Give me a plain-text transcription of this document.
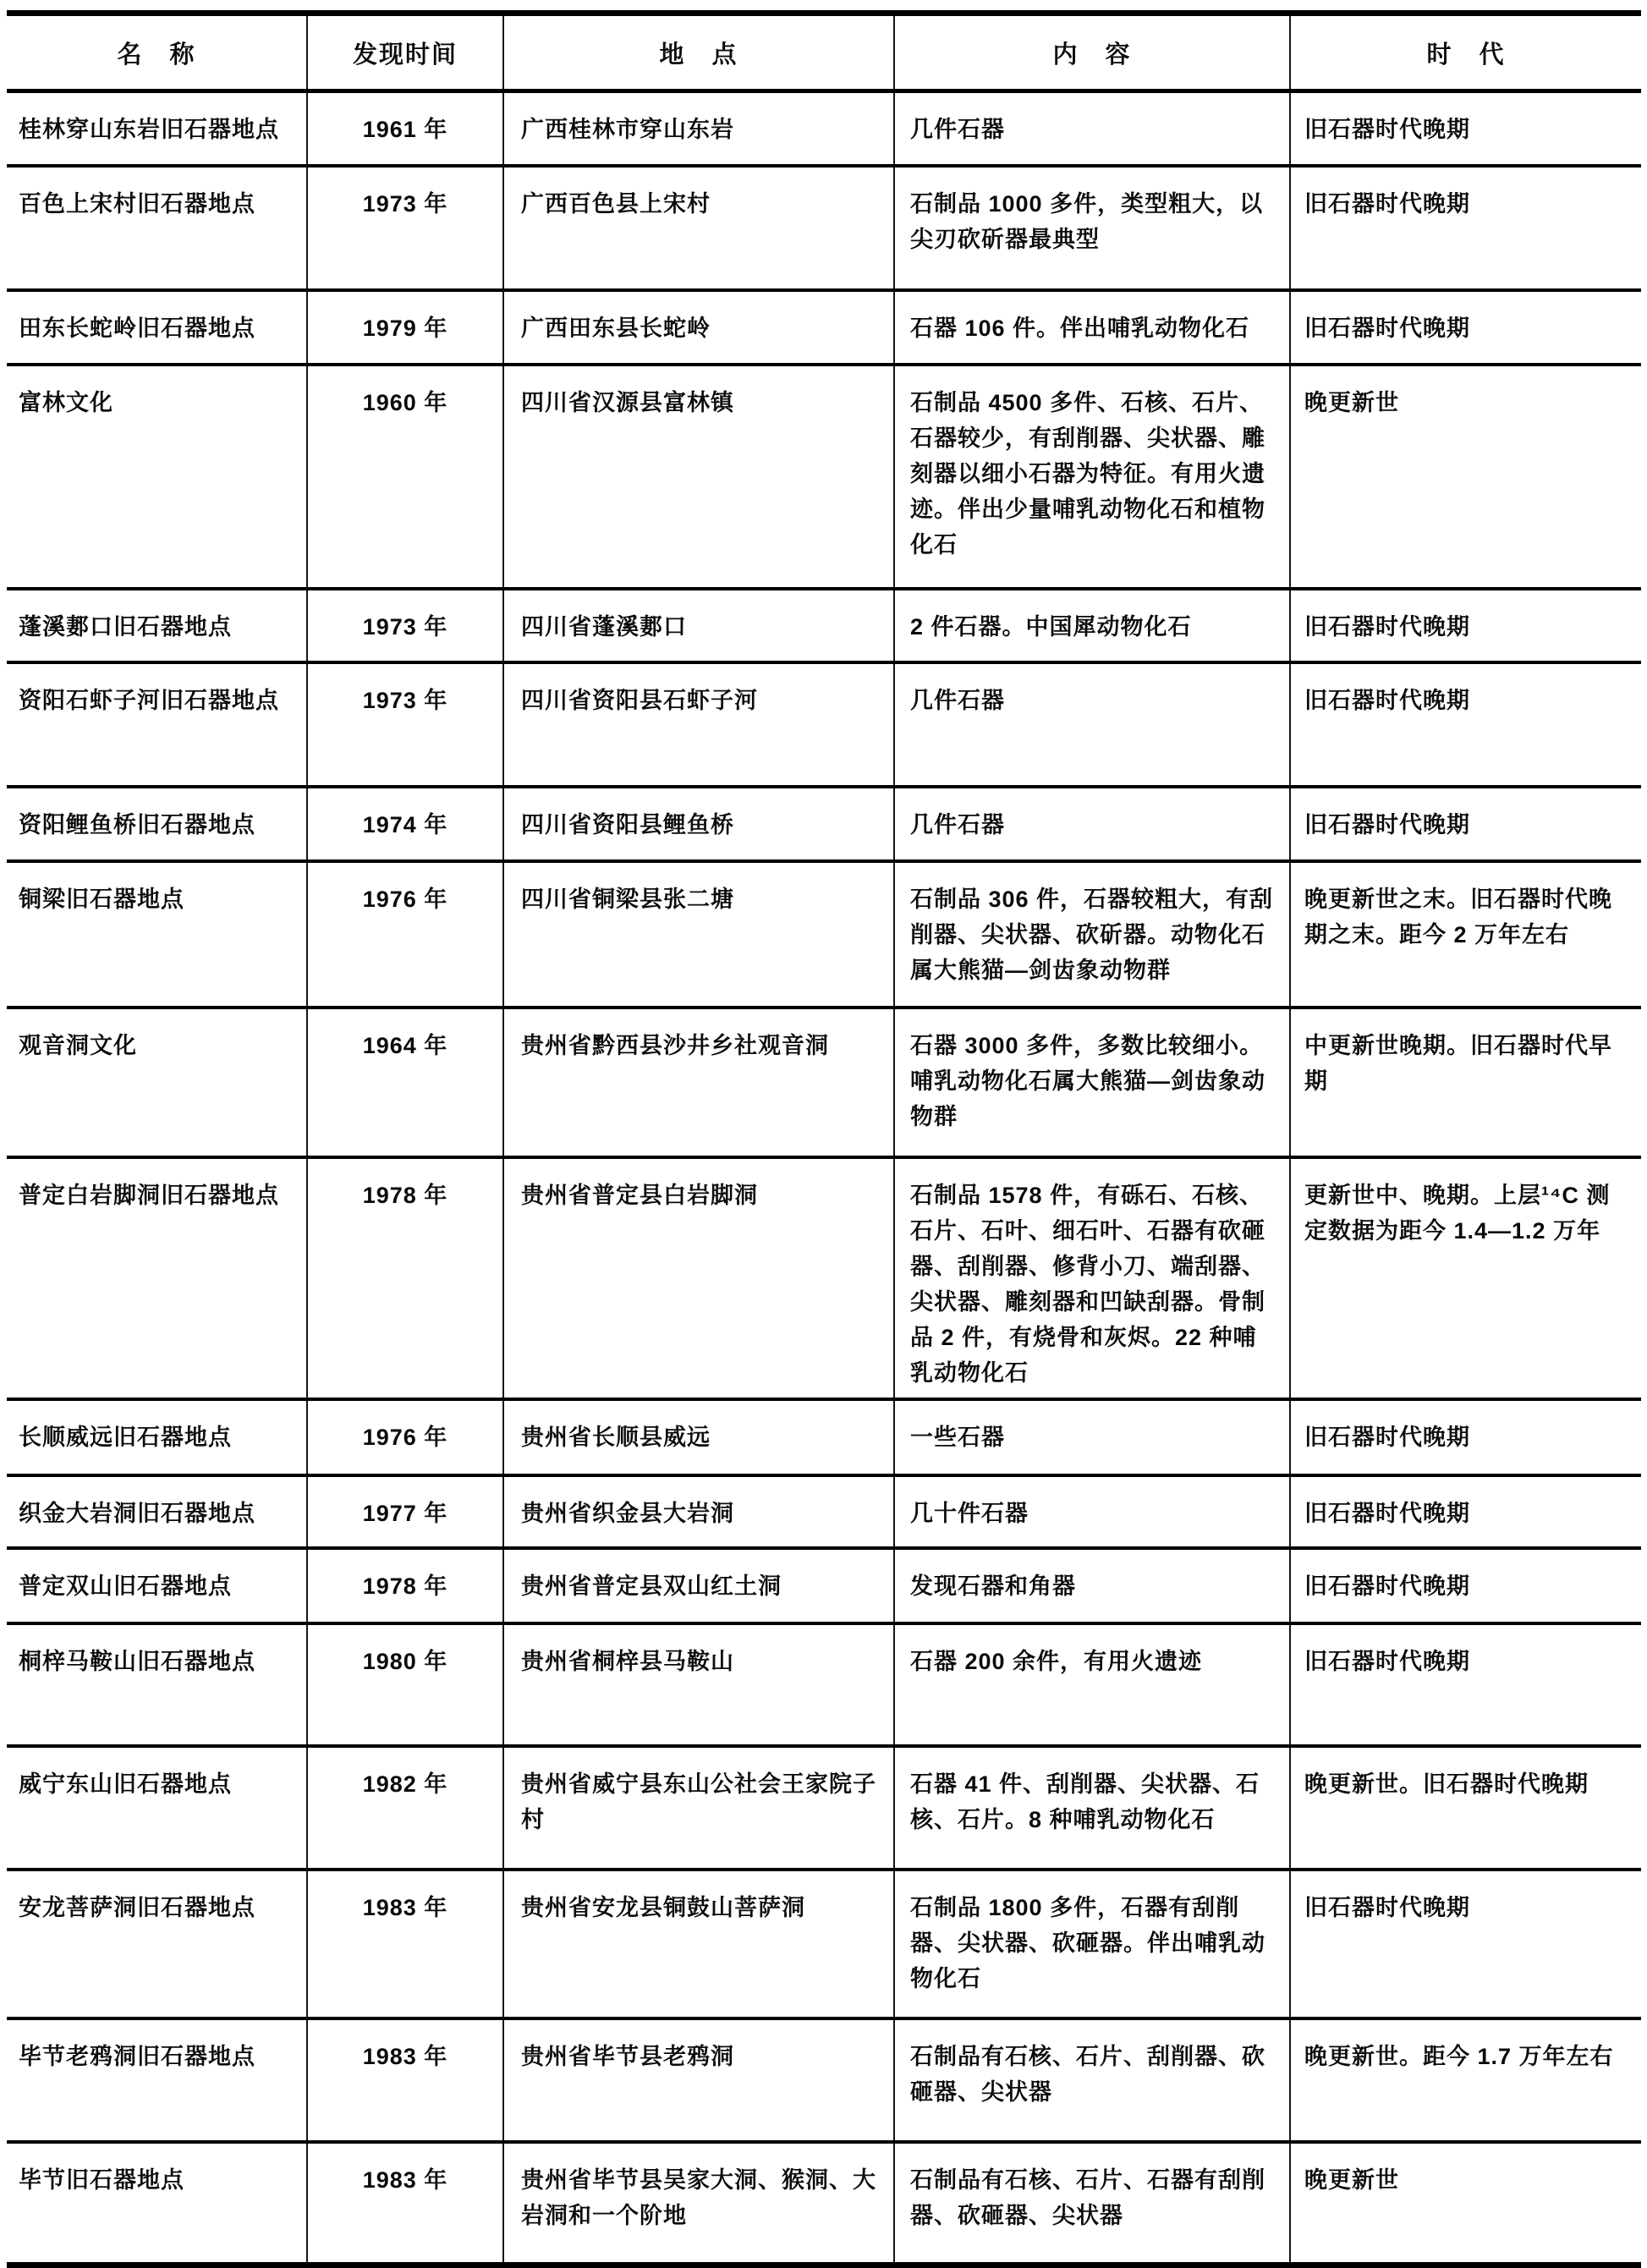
名　称	发现时间	地　点	内　容	时　代
桂林穿山东岩旧石器地点	1961 年	广西桂林市穿山东岩	几件石器	旧石器时代晚期
百色上宋村旧石器地点	1973 年	广西百色县上宋村	石制品 1000 多件，类型粗大，以尖刃砍斫器最典型	旧石器时代晚期
田东长蛇岭旧石器地点	1979 年	广西田东县长蛇岭	石器 106 件。伴出哺乳动物化石	旧石器时代晚期
富林文化	1960 年	四川省汉源县富林镇	石制品 4500 多件、石核、石片、石器较少，有刮削器、尖状器、雕刻器以细小石器为特征。有用火遗迹。伴出少量哺乳动物化石和植物化石	晚更新世
蓬溪郪口旧石器地点	1973 年	四川省蓬溪郪口	2 件石器。中国犀动物化石	旧石器时代晚期
资阳石虾子河旧石器地点	1973 年	四川省资阳县石虾子河	几件石器	旧石器时代晚期
资阳鲤鱼桥旧石器地点	1974 年	四川省资阳县鲤鱼桥	几件石器	旧石器时代晚期
铜梁旧石器地点	1976 年	四川省铜梁县张二塘	石制品 306 件，石器较粗大，有刮削器、尖状器、砍斫器。动物化石属大熊猫—剑齿象动物群	晚更新世之末。旧石器时代晚期之末。距今 2 万年左右
观音洞文化	1964 年	贵州省黔西县沙井乡社观音洞	石器 3000 多件，多数比较细小。哺乳动物化石属大熊猫—剑齿象动物群	中更新世晚期。旧石器时代早期
普定白岩脚洞旧石器地点	1978 年	贵州省普定县白岩脚洞	石制品 1578 件，有砾石、石核、石片、石叶、细石叶、石器有砍砸器、刮削器、修背小刀、端刮器、尖状器、雕刻器和凹缺刮器。骨制品 2 件，有烧骨和灰烬。22 种哺乳动物化石	更新世中、晚期。上层¹⁴C 测定数据为距今 1.4—1.2 万年
长顺威远旧石器地点	1976 年	贵州省长顺县威远	一些石器	旧石器时代晚期
织金大岩洞旧石器地点	1977 年	贵州省织金县大岩洞	几十件石器	旧石器时代晚期
普定双山旧石器地点	1978 年	贵州省普定县双山红土洞	发现石器和角器	旧石器时代晚期
桐梓马鞍山旧石器地点	1980 年	贵州省桐梓县马鞍山	石器 200 余件，有用火遗迹	旧石器时代晚期
威宁东山旧石器地点	1982 年	贵州省威宁县东山公社会王家院子村	石器 41 件、刮削器、尖状器、石核、石片。8 种哺乳动物化石	晚更新世。旧石器时代晚期
安龙菩萨洞旧石器地点	1983 年	贵州省安龙县铜鼓山菩萨洞	石制品 1800 多件，石器有刮削器、尖状器、砍砸器。伴出哺乳动物化石	旧石器时代晚期
毕节老鸦洞旧石器地点	1983 年	贵州省毕节县老鸦洞	石制品有石核、石片、刮削器、砍砸器、尖状器	晚更新世。距今 1.7 万年左右
毕节旧石器地点	1983 年	贵州省毕节县吴家大洞、猴洞、大岩洞和一个阶地	石制品有石核、石片、石器有刮削器、砍砸器、尖状器	晚更新世
